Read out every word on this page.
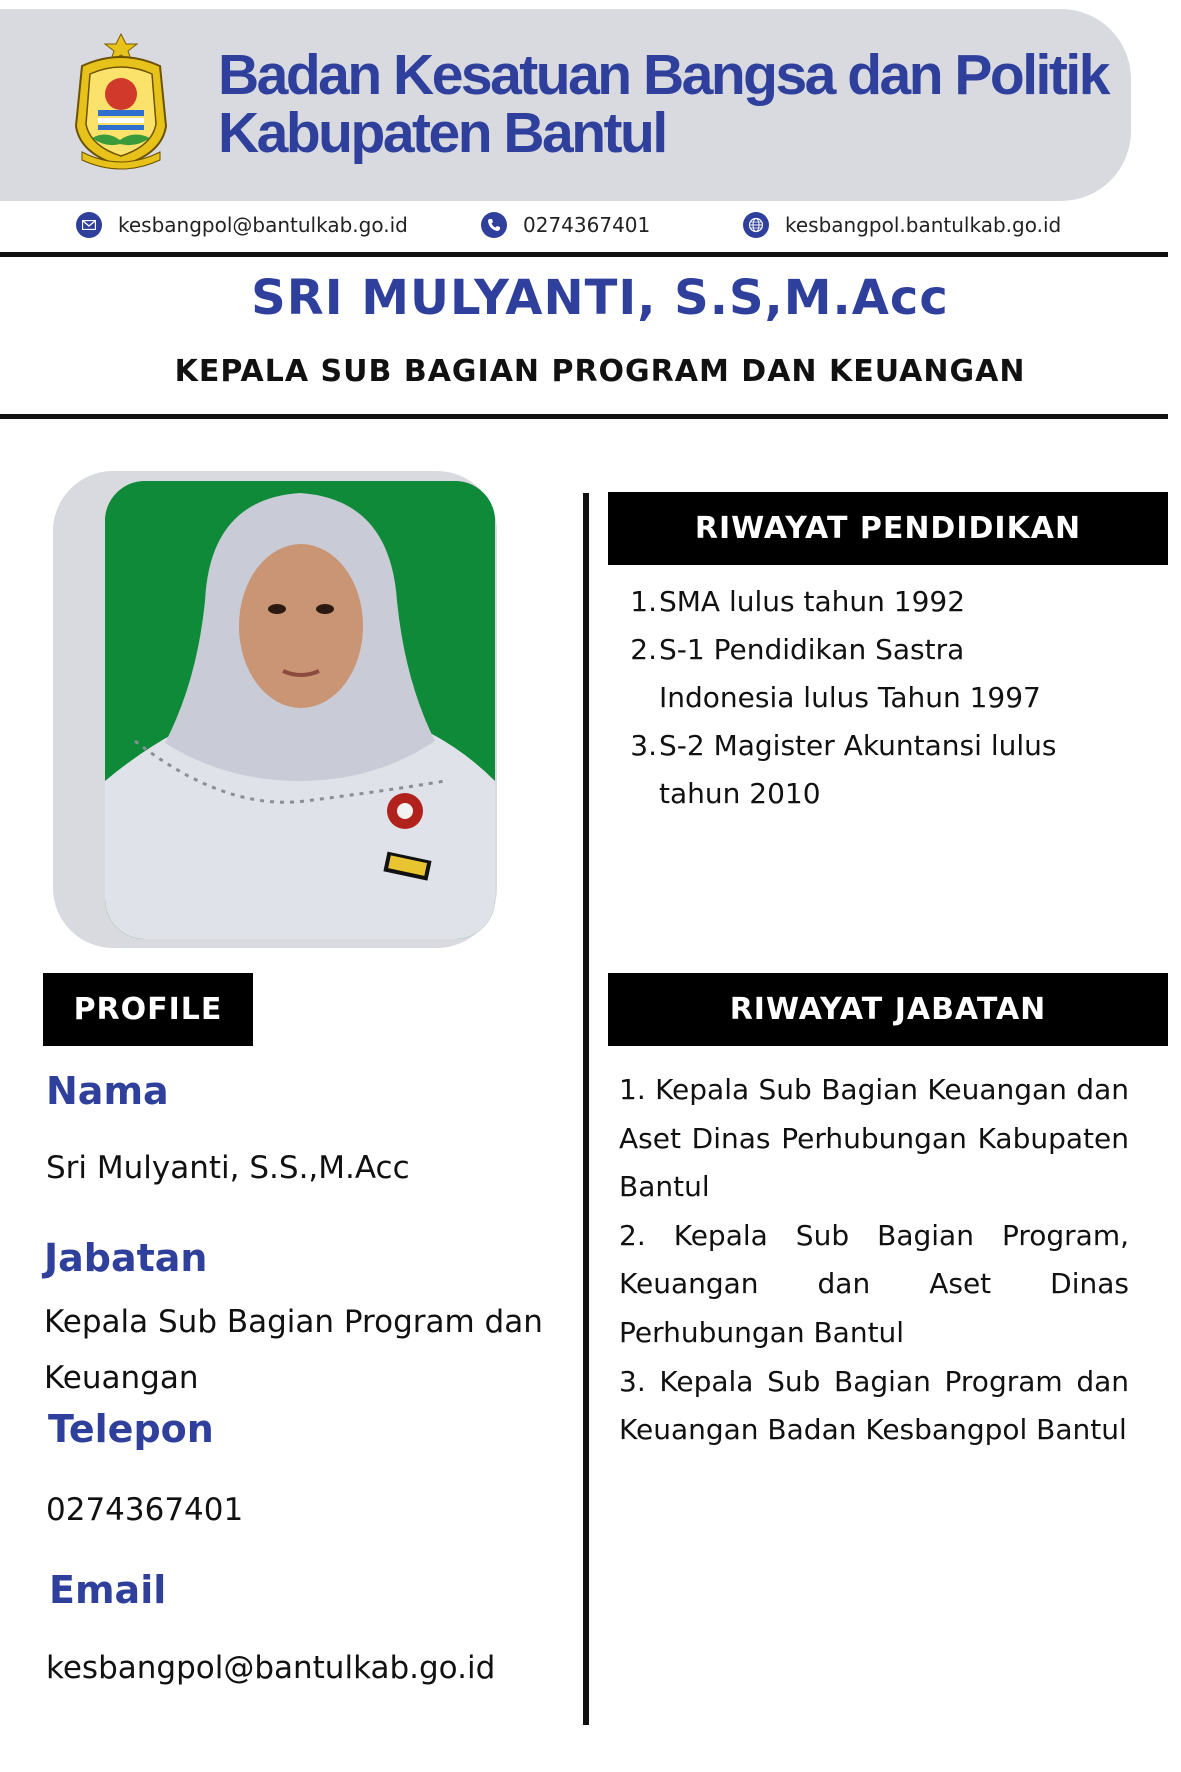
Badan Kesatuan Bangsa dan Politik
Kabupaten Bantul
kesbangpol@bantulkab.go.id	0274367401	kesbangpol.bantulkab.go.id
SRI MULYANTI, S.S,M.Acc
KEPALA SUB BAGIAN PROGRAM DAN KEUANGAN
RIWAYAT PENDIDIKAN
1. SMA lulus tahun 1992
2. S-1 Pendidikan Sastra Indonesia lulus Tahun 1997
3. S-2 Magister Akuntansi lulus tahun 2010
PROFILE
Nama
Sri Mulyanti, S.S.,M.Acc
Jabatan
Kepala Sub Bagian Program dan Keuangan
Telepon
0274367401
Email
kesbangpol@bantulkab.go.id
RIWAYAT JABATAN

1. Kepala Sub Bagian Keuangan dan Aset Dinas Perhubungan Kabupaten Bantul

2. Kepala Sub Bagian Program, Keuangan dan Aset Dinas Perhubungan Bantul

3. Kepala Sub Bagian Program dan Keuangan Badan Kesbangpol Bantul
